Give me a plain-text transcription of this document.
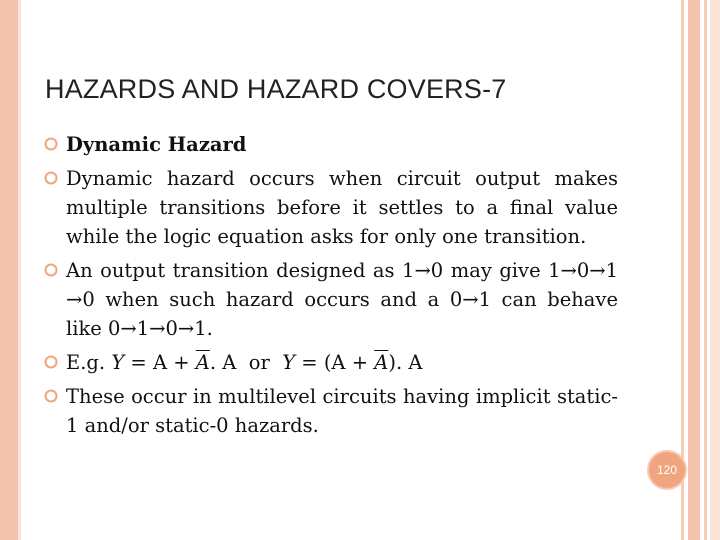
HAZARDS AND HAZARD COVERS-7
Dynamic Hazard
Dynamic hazard occurs when circuit output makes multiple transitions before it settles to a final value while the logic equation asks for only one transition.
An output transition designed as 1→0 may give 1→0→1 →0 when such hazard occurs and a 0→1 can behave like 0→1→0→1.
E.g. $Y = A + \overline{A}$. A  or  $Y = (A + \overline{A})$. A
These occur in multilevel circuits having implicit static-1 and/or static-0 hazards.
120
